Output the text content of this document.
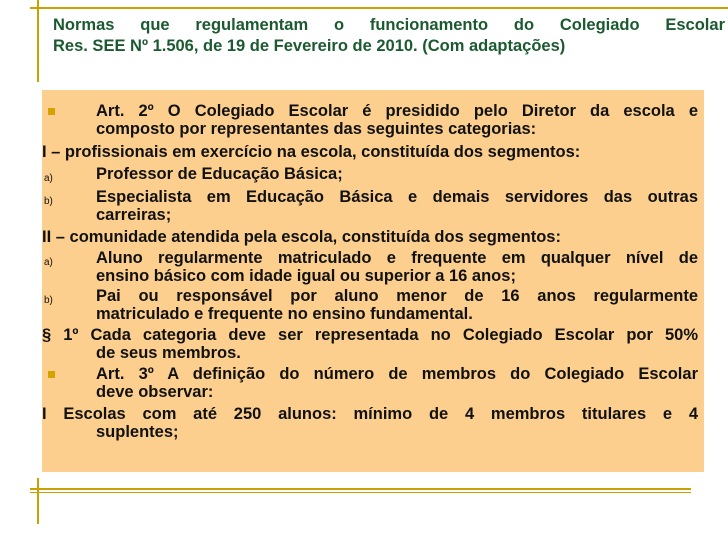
Normas que regulamentam o funcionamento do Colegiado Escolar
Res. SEE Nº 1.506, de 19 de Fevereiro de 2010. (Com adaptações)
Art. 2º O Colegiado Escolar é presidido pelo Diretor da escola e
composto por representantes das seguintes categorias:
I – profissionais em exercício na escola, constituída dos segmentos:
a)	Professor de Educação Básica;
b)	Especialista em Educação Básica e demais servidores das outras
carreiras;
II – comunidade atendida pela escola, constituída dos segmentos:
a)	Aluno regularmente matriculado e frequente em qualquer nível de
ensino básico com idade igual ou superior a 16 anos;
b)	Pai ou responsável por aluno menor de 16 anos regularmente
matriculado e frequente no ensino fundamental.
§ 1º Cada categoria deve ser representada no Colegiado Escolar por 50%
de seus membros.
Art. 3º A definição do número de membros do Colegiado Escolar
deve observar:
I Escolas com até 250 alunos: mínimo de 4 membros titulares e 4
suplentes;
